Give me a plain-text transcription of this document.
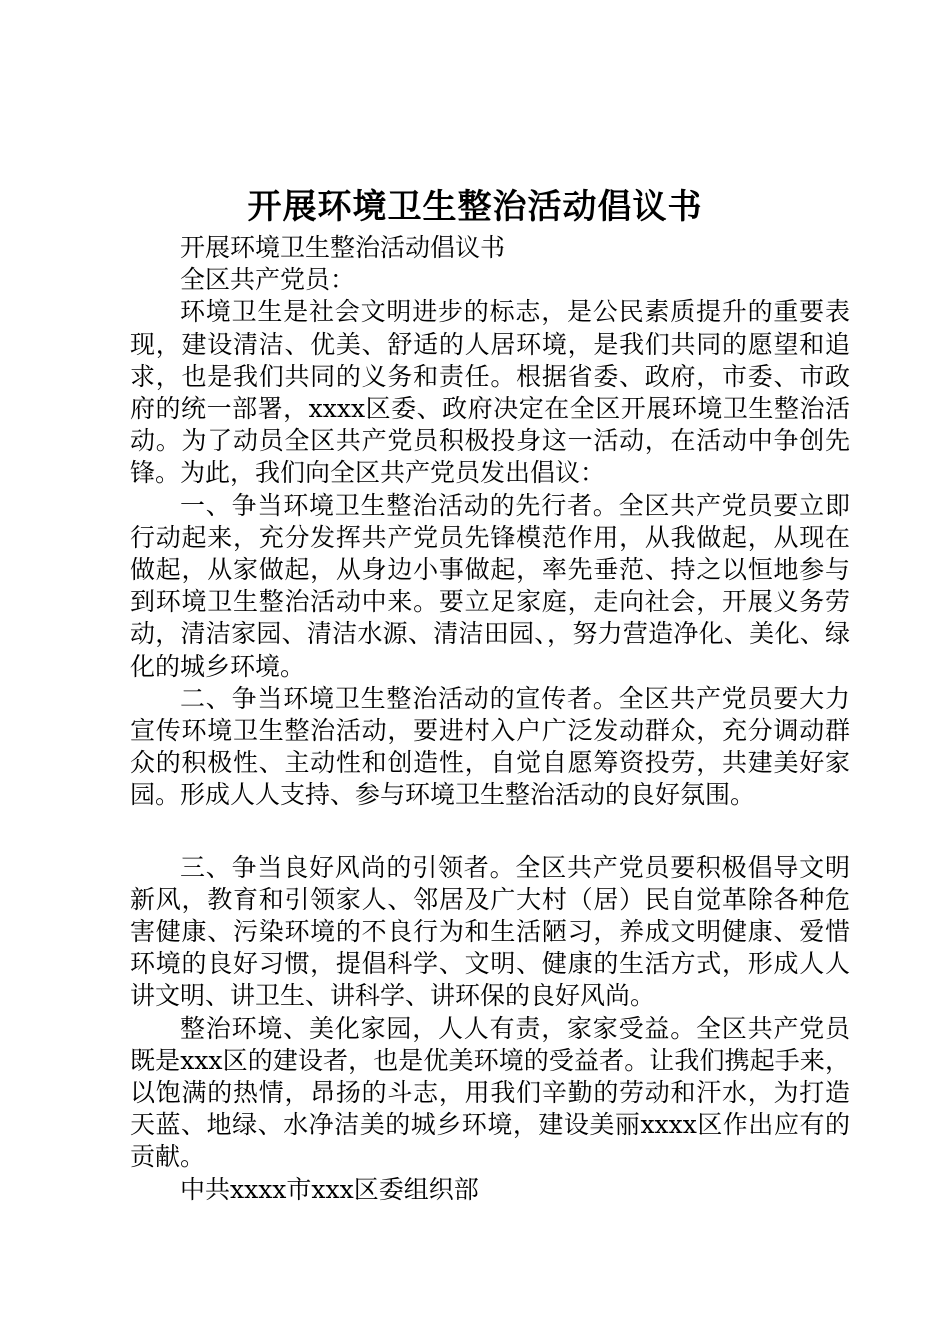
开展环境卫生整治活动倡议书

开展环境卫生整治活动倡议书

全区共产党员：

环境卫生是社会文明进步的标志，是公民素质提升的重要表现，建设清洁、优美、舒适的人居环境，是我们共同的愿望和追求，也是我们共同的义务和责任。根据省委、政府，市委、市政府的统一部署，xxxx区委、政府决定在全区开展环境卫生整治活动。为了动员全区共产党员积极投身这一活动，在活动中争创先锋。为此，我们向全区共产党员发出倡议：

一、争当环境卫生整治活动的先行者。全区共产党员要立即行动起来，充分发挥共产党员先锋模范作用，从我做起，从现在做起，从家做起，从身边小事做起，率先垂范、持之以恒地参与到环境卫生整治活动中来。要立足家庭，走向社会，开展义务劳动，清洁家园、清洁水源、清洁田园、，努力营造净化、美化、绿化的城乡环境。

二、争当环境卫生整治活动的宣传者。全区共产党员要大力宣传环境卫生整治活动，要进村入户广泛发动群众，充分调动群众的积极性、主动性和创造性，自觉自愿筹资投劳，共建美好家园。形成人人支持、参与环境卫生整治活动的良好氛围。

三、争当良好风尚的引领者。全区共产党员要积极倡导文明新风，教育和引领家人、邻居及广大村（居）民自觉革除各种危害健康、污染环境的不良行为和生活陋习，养成文明健康、爱惜环境的良好习惯，提倡科学、文明、健康的生活方式，形成人人讲文明、讲卫生、讲科学、讲环保的良好风尚。

整治环境、美化家园，人人有责，家家受益。全区共产党员既是xxx区的建设者，也是优美环境的受益者。让我们携起手来，以饱满的热情，昂扬的斗志，用我们辛勤的劳动和汗水，为打造天蓝、地绿、水净洁美的城乡环境，建设美丽xxxx区作出应有的贡献。

中共xxxx市xxx区委组织部
